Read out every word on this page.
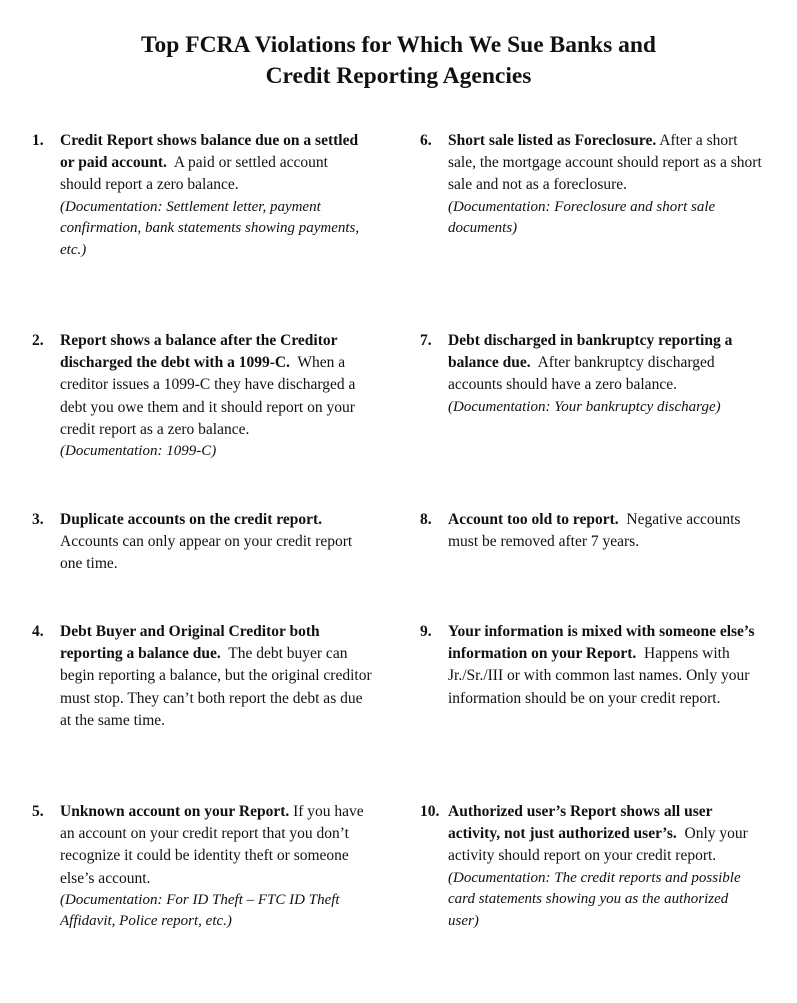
Top FCRA Violations for Which We Sue Banks and
Credit Reporting Agencies
1. Credit Report shows balance due on a settled or paid account. A paid or settled account should report a zero balance.
(Documentation: Settlement letter, payment confirmation, bank statements showing payments, etc.)
2. Report shows a balance after the Creditor discharged the debt with a 1099-C. When a creditor issues a 1099-C they have discharged a debt you owe them and it should report on your credit report as a zero balance.
(Documentation: 1099-C)
3. Duplicate accounts on the credit report.  Accounts can only appear on your credit report one time.
4. Debt Buyer and Original Creditor both reporting a balance due. The debt buyer can begin reporting a balance, but the original creditor must stop. They can’t both report the debt as due at the same time.
5. Unknown account on your Report. If you have an account on your credit report that you don’t recognize it could be identity theft or someone else’s account.
(Documentation: For ID Theft – FTC ID Theft Affidavit, Police report, etc.)
6. Short sale listed as Foreclosure. After a short sale, the mortgage account should report as a short sale and not as a foreclosure.
(Documentation: Foreclosure and short sale documents)
7. Debt discharged in bankruptcy reporting a balance due. After bankruptcy discharged accounts should have a zero balance.
(Documentation: Your bankruptcy discharge)
8. Account too old to report. Negative accounts must be removed after 7 years.
9. Your information is mixed with someone else’s information on your Report. Happens with Jr./Sr./III or with common last names. Only your information should be on your credit report.
10. Authorized user’s Report shows all user activity, not just authorized user’s. Only your activity should report on your credit report.
(Documentation: The credit reports and possible card statements showing you as the authorized user)
